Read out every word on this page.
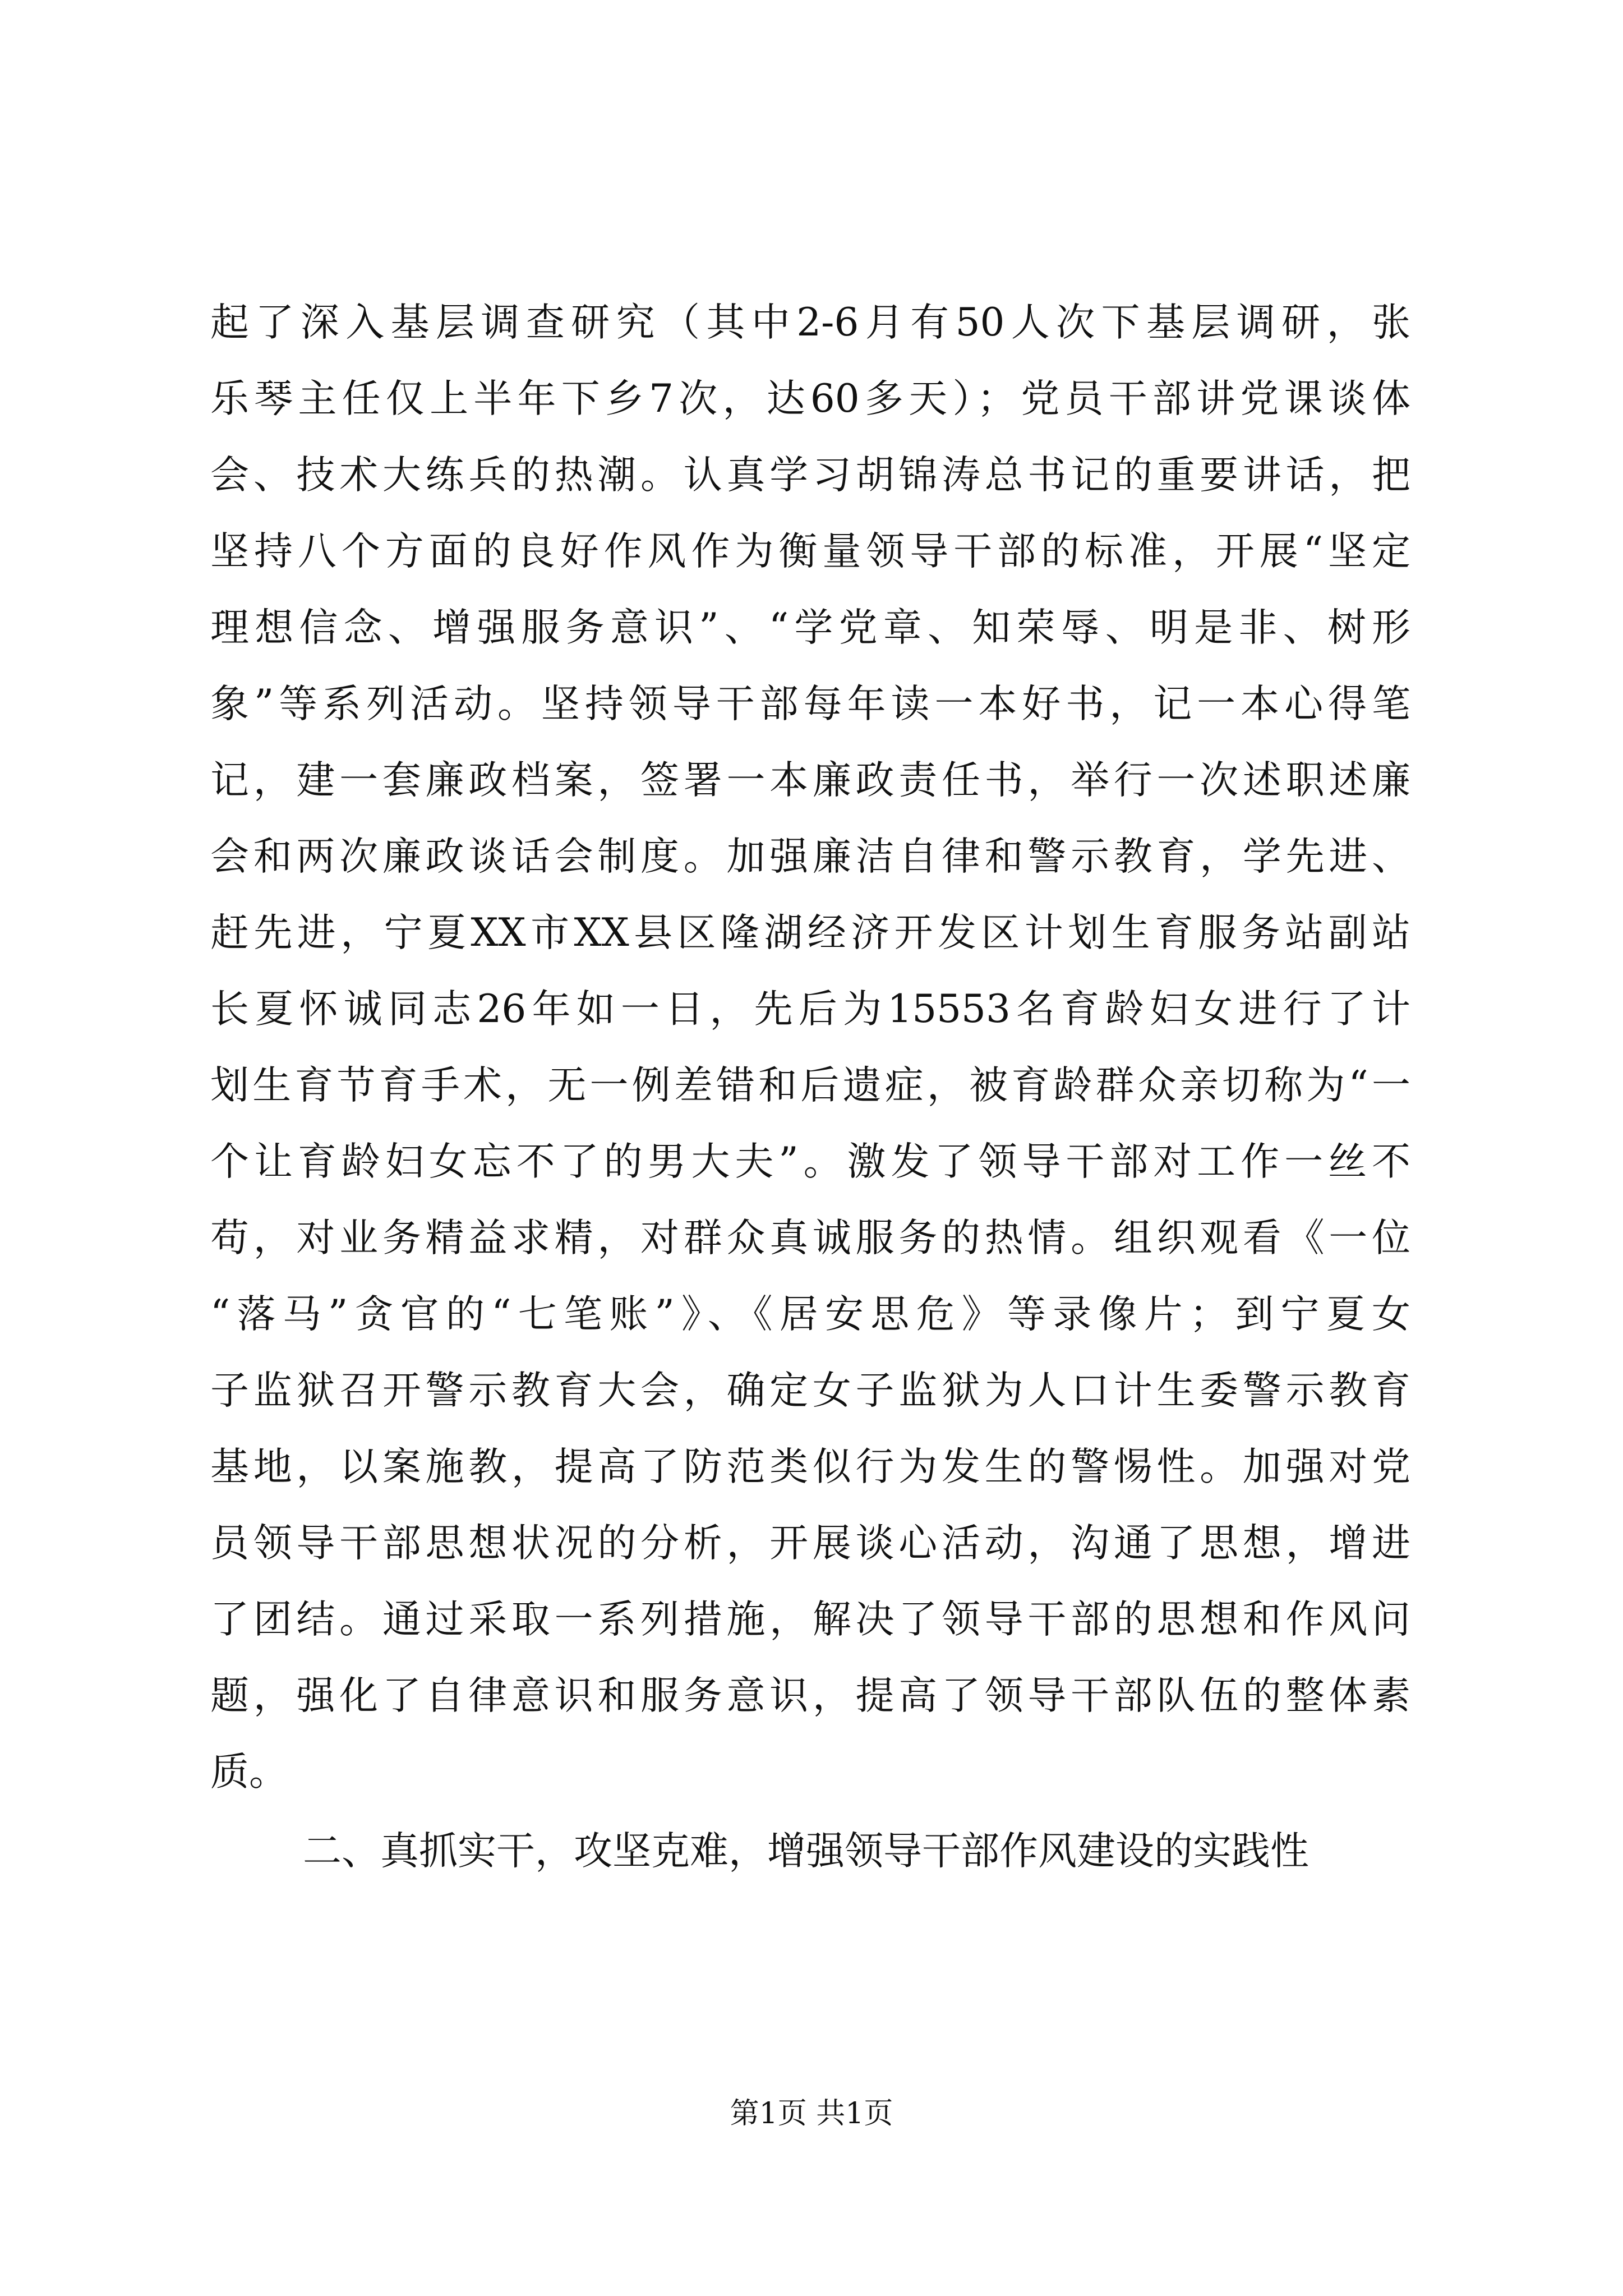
起了深入基层调查研究（其中2-6月有50人次下基层调研，张
乐琴主任仅上半年下乡7次，达60多天）；党员干部讲党课谈体
会、技术大练兵的热潮。认真学习胡锦涛总书记的重要讲话，把
坚持八个方面的良好作风作为衡量领导干部的标准，开展“坚定
理想信念、增强服务意识”、“学党章、知荣辱、明是非、树形
象”等系列活动。坚持领导干部每年读一本好书，记一本心得笔
记，建一套廉政档案，签署一本廉政责任书，举行一次述职述廉
会和两次廉政谈话会制度。加强廉洁自律和警示教育，学先进、
赶先进，宁夏XX市XX县区隆湖经济开发区计划生育服务站副站
长夏怀诚同志26年如一日，先后为15553名育龄妇女进行了计
划生育节育手术，无一例差错和后遗症，被育龄群众亲切称为“一
个让育龄妇女忘不了的男大夫”。激发了领导干部对工作一丝不
苟，对业务精益求精，对群众真诚服务的热情。组织观看《一位
“落马”贪官的“七笔账”》、《居安思危》等录像片；到宁夏女
子监狱召开警示教育大会，确定女子监狱为人口计生委警示教育
基地，以案施教，提高了防范类似行为发生的警惕性。加强对党
员领导干部思想状况的分析，开展谈心活动，沟通了思想，增进
了团结。通过采取一系列措施，解决了领导干部的思想和作风问
题，强化了自律意识和服务意识，提高了领导干部队伍的整体素
质。
二、真抓实干，攻坚克难，增强领导干部作风建设的实践性
第1页 共1页
